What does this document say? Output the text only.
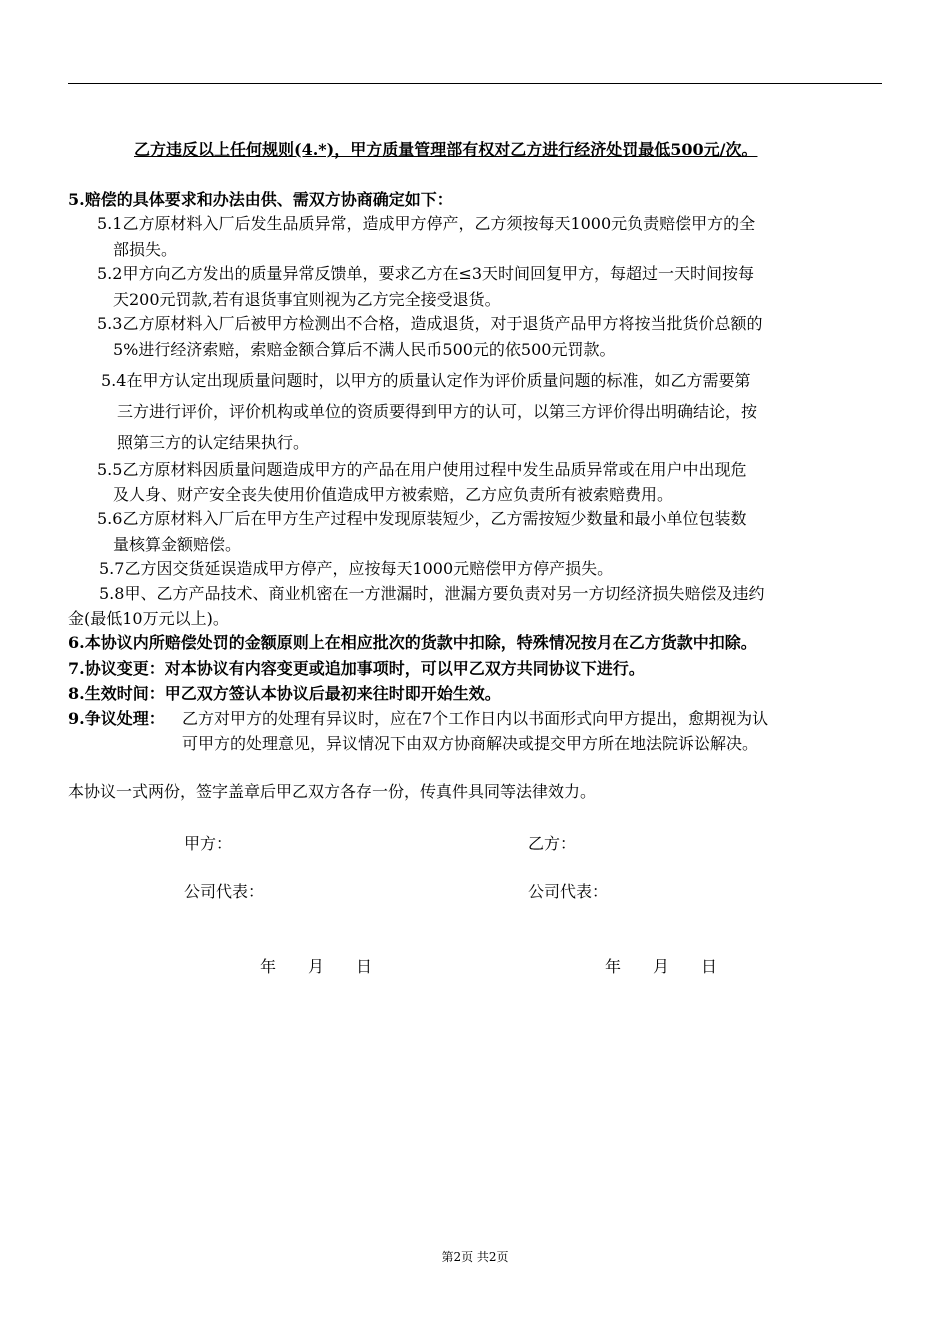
乙方违反以上任何规则(4.*)，甲方质量管理部有权对乙方进行经济处罚最低500元/次。
5.赔偿的具体要求和办法由供、需双方协商确定如下：
5.1乙方原材料入厂后发生品质异常，造成甲方停产，乙方须按每天1000元负责赔偿甲方的全
部损失。
5.2甲方向乙方发出的质量异常反馈单，要求乙方在≤3天时间回复甲方，每超过一天时间按每
天200元罚款,若有退货事宜则视为乙方完全接受退货。
5.3乙方原材料入厂后被甲方检测出不合格，造成退货，对于退货产品甲方将按当批货价总额的
5%进行经济索赔，索赔金额合算后不满人民币500元的依500元罚款。
5.4在甲方认定出现质量问题时，以甲方的质量认定作为评价质量问题的标准，如乙方需要第
三方进行评价，评价机构或单位的资质要得到甲方的认可，以第三方评价得出明确结论，按
照第三方的认定结果执行。
5.5乙方原材料因质量问题造成甲方的产品在用户使用过程中发生品质异常或在用户中出现危
及人身、财产安全丧失使用价值造成甲方被索赔，乙方应负责所有被索赔费用。
5.6乙方原材料入厂后在甲方生产过程中发现原装短少，乙方需按短少数量和最小单位包装数
量核算金额赔偿。
5.7乙方因交货延误造成甲方停产，应按每天1000元赔偿甲方停产损失。
5.8甲、乙方产品技术、商业机密在一方泄漏时，泄漏方要负责对另一方切经济损失赔偿及违约
金(最低10万元以上)。
6.本协议内所赔偿处罚的金额原则上在相应批次的货款中扣除，特殊情况按月在乙方货款中扣除。
7.协议变更：对本协议有内容变更或追加事项时，可以甲乙双方共同协议下进行。
8.生效时间：甲乙双方签认本协议后最初来往时即开始生效。
9.争议处理： 乙方对甲方的处理有异议时，应在7个工作日内以书面形式向甲方提出，愈期视为认
可甲方的处理意见，异议情况下由双方协商解决或提交甲方所在地法院诉讼解决。
本协议一式两份，签字盖章后甲乙双方各存一份，传真件具同等法律效力。
甲方：	乙方：
公司代表：	公司代表：
年　　月　　日	年　　月　　日
第2页 共2页
